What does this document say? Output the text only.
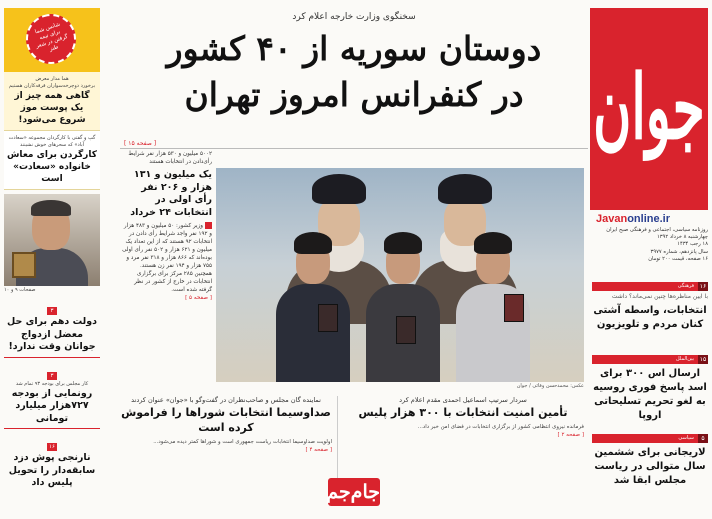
جوان
Javanonline.ir
روزنامه سیاسی، اجتماعی و فرهنگی صبح ایران
چهارشنبه ۸ خرداد ۱۳۹۲
۱۸ رجب ۱۴۳۴
سال پانزدهم، شماره ۳۹۷۷
۱۶ صفحه، قیمت ۲۰۰ تومان
۱۶
فرهنگی
با ایین مناظره‌ها چنین نمی‌ماند؟ داشت
انتخابات، واسطه آشتی کنان مردم و تلویزیون
۱۵
بین‌الملل
ارسال اس ۳۰۰ برای اسد پاسخ فوری روسیه به لغو تحریم تسلیحاتی اروپا
۵
سیاسی
لاریجانی برای ششمین سال متوالی در ریاست مجلس ابقا شد
شانس شما برای نیمه گرفتن در شعر طنز
هما مدار معرض
برخورد دوچرخه‌سواران فرقه‌کاران هستیم
گاهی همه چیز از یک پوست موز شروع می‌شود!
گپ و گفتی با کارگردان مجموعه «سعادت آباد» که سحرهای خوش نشینند
کارگردن برای معاش خانواده «سعادت» است
صفحات ۹ و ۱۰
۳
دولت دهم برای حل معضل ازدواج جوانان وقت ندارد!
۳
کار مجلس برای بودجه ۹۳ تمام شد
رونمایی از بودجه ۷۲۷هزار میلیارد تومانی
۱۶
نارنجی پوش دزد سابقه‌دار را تحویل پلیس داد
سخنگوی وزارت خارجه اعلام کرد
دوستان سوریه از ۴۰ کشور
در کنفرانس امروز تهران
[ صفحه ۱۵ ]
۵۰۰۲ میلیون و ۵۳۰ هزار نفر شرایط رأی‌دادن در انتخابات هستند
یک میلیون و ۱۳۱ هزار و ۲۰۶ نفر رأی اولی در انتخابات ۲۴ خرداد
وزیر کشور: ۵۰ میلیون و ۴۸۳ هزار و ۱۹۲ نفر واجد شرایط رأی دادن در انتخابات ۹۲ هستند که از این تعداد یک میلیون و ۶۲۱ هزار و ۵۰۲ نفر رأی اولی بوده‌اند که ۸۶۶ هزار و ۳۱۸ نفر مرد و ۷۵۵ هزار و ۱۹۴ نفر زن هستند. همچنین ۲۸۵ مرکز برای برگزاری انتخابات در خارج از کشور در نظر گرفته شده است.
[ صفحه ۵ ]
عکس: محمدحسن وفائی / جوان
نماینده گان مجلس و صاحب‌نظران در گفت‌وگو با «جوان» عنوان کردند
صداوسیما انتخابات شوراها را فراموش کرده است
اولویت صداوسیما انتخابات ریاست جمهوری است و شوراها کمتر دیده می‌شود...
[ صفحه ۴ ]
سردار سرتیپ اسماعیل احمدی مقدم اعلام کرد
تأمین امنیت انتخابات با ۳۰۰ هزار پلیس
فرمانده نیروی انتظامی کشور از برگزاری انتخابات در فضای امن خبر داد...
[ صفحه ۲ ]
جام‌جم
